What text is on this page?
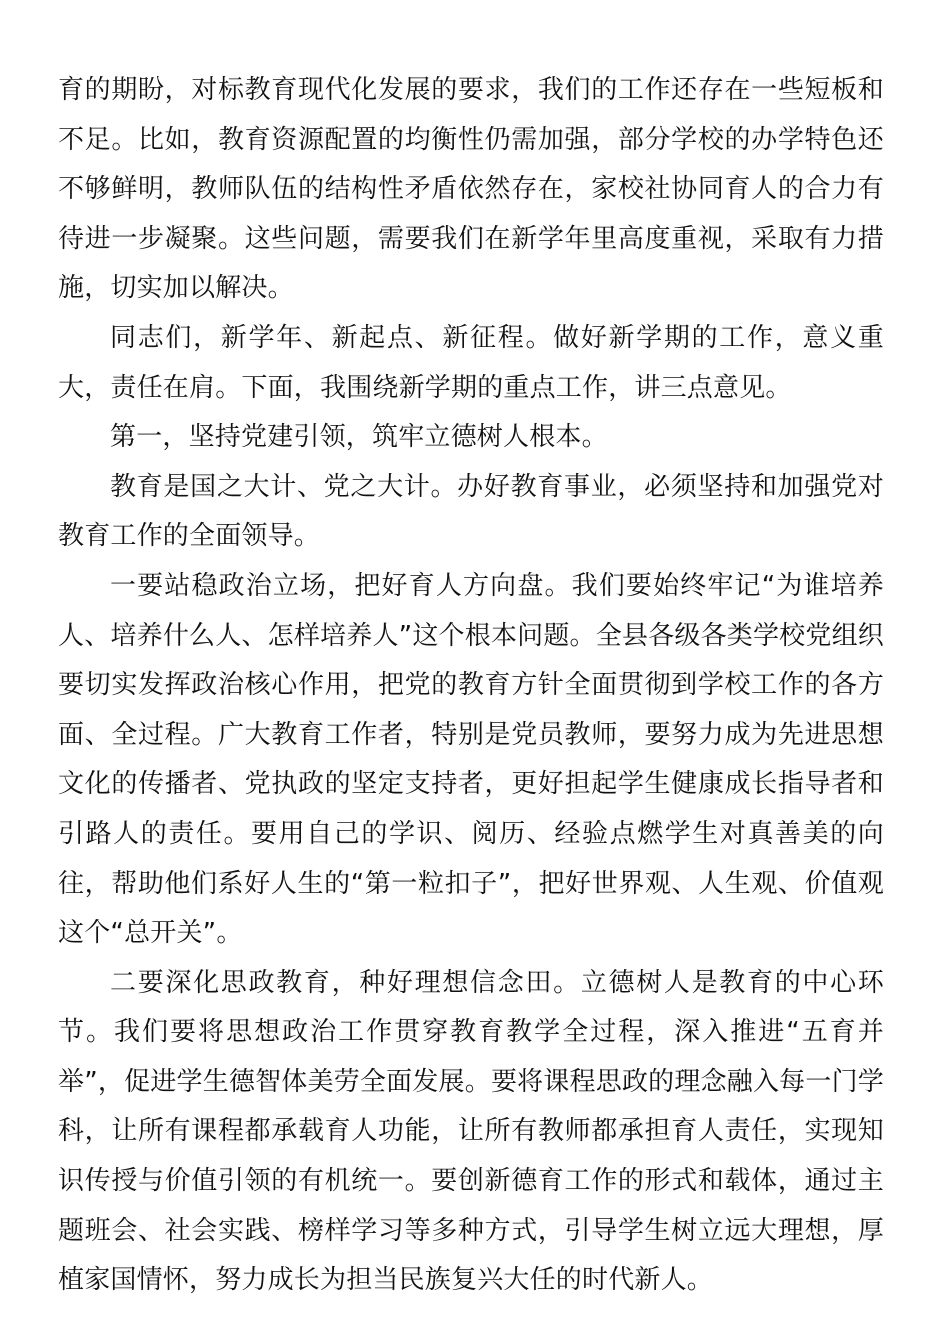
育的期盼，对标教育现代化发展的要求，我们的工作还存在一些短板和不足。比如，教育资源配置的均衡性仍需加强，部分学校的办学特色还不够鲜明，教师队伍的结构性矛盾依然存在，家校社协同育人的合力有待进一步凝聚。这些问题，需要我们在新学年里高度重视，采取有力措施，切实加以解决。

同志们，新学年、新起点、新征程。做好新学期的工作，意义重大，责任在肩。下面，我围绕新学期的重点工作，讲三点意见。

第一，坚持党建引领，筑牢立德树人根本。

教育是国之大计、党之大计。办好教育事业，必须坚持和加强党对教育工作的全面领导。

一要站稳政治立场，把好育人方向盘。我们要始终牢记“为谁培养人、培养什么人、怎样培养人”这个根本问题。全县各级各类学校党组织要切实发挥政治核心作用，把党的教育方针全面贯彻到学校工作的各方面、全过程。广大教育工作者，特别是党员教师，要努力成为先进思想文化的传播者、党执政的坚定支持者，更好担起学生健康成长指导者和引路人的责任。要用自己的学识、阅历、经验点燃学生对真善美的向往，帮助他们系好人生的“第一粒扣子”，把好世界观、人生观、价值观这个“总开关”。

二要深化思政教育，种好理想信念田。立德树人是教育的中心环节。我们要将思想政治工作贯穿教育教学全过程，深入推进“五育并举”，促进学生德智体美劳全面发展。要将课程思政的理念融入每一门学科，让所有课程都承载育人功能，让所有教师都承担育人责任，实现知识传授与价值引领的有机统一。要创新德育工作的形式和载体，通过主题班会、社会实践、榜样学习等多种方式，引导学生树立远大理想，厚植家国情怀，努力成长为担当民族复兴大任的时代新人。
